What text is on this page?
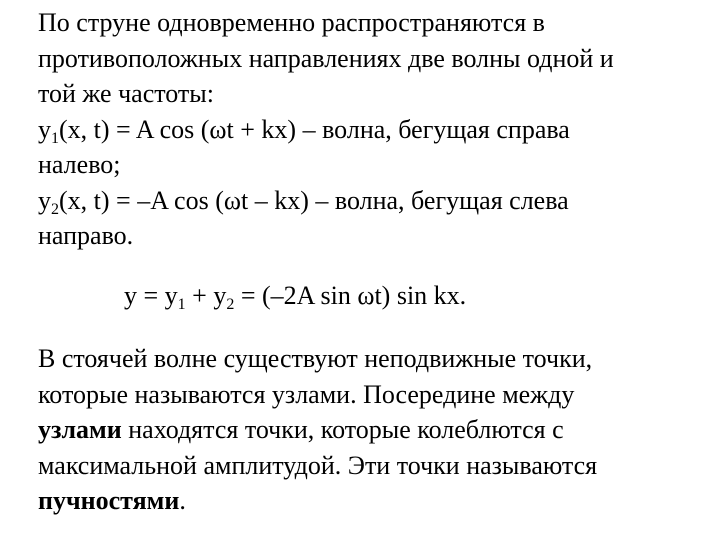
По струне одновременно распространяются в
противоположных направлениях две волны одной и
той же частоты:
$y_1(x$, t) = A cos (ωt + kx) – волна, бегущая справа
налево;
$y_2(x$, t) = –A cos (ωt – kx) – волна, бегущая слева
направо.
$y = y_1 + y_2 = (-2A$ sin ωt) sin kx.
В стоячей волне существуют неподвижные точки,
которые называются узлами. Посередине между
узлами находятся точки, которые колеблются с
максимальной амплитудой. Эти точки называются
пучностями.
